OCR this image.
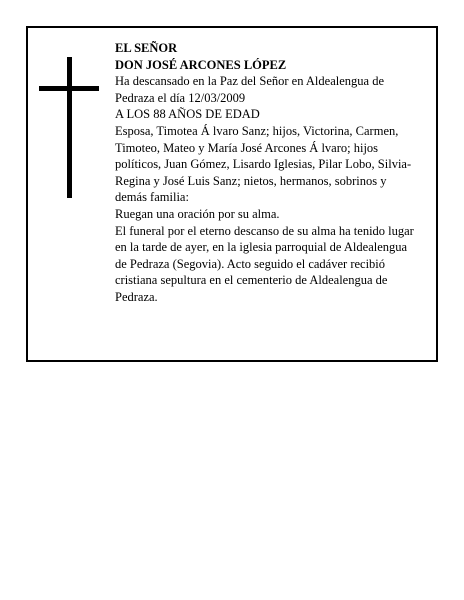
EL SEÑOR

DON JOSÉ ARCONES LÓPEZ

Ha descansado en la Paz del Señor en Aldealengua de Pedraza el día 12/03/2009

A LOS 88 AÑOS DE EDAD

Esposa, Timotea Á lvaro Sanz; hijos, Victorina, Carmen, Timoteo, Mateo y María José Arcones Á lvaro; hijos políticos, Juan Gómez, Lisardo Iglesias, Pilar Lobo, Silvia-Regina y José Luis Sanz; nietos, hermanos, sobrinos y demás familia:

Ruegan una oración por su alma.

El funeral por el eterno descanso de su alma ha tenido lugar en la tarde de ayer, en la iglesia parroquial de Aldealengua de Pedraza (Segovia). Acto seguido el cadáver recibió cristiana sepultura en el cementerio de Aldealengua de Pedraza.
